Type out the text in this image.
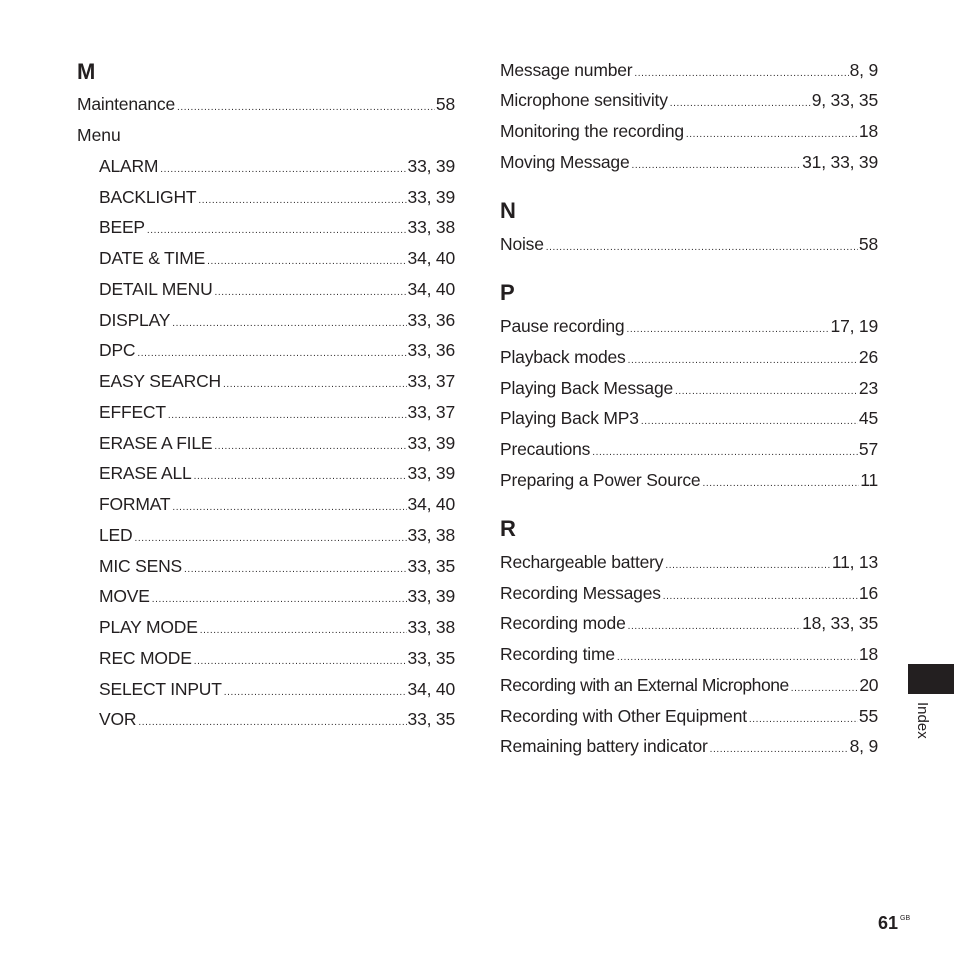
M
Maintenance .....	58
Menu
ALARM .....	33, 39
BACKLIGHT .....	33, 39
BEEP .....	33, 38
DATE & TIME .....	34, 40
DETAIL MENU .....	34, 40
DISPLAY .....	33, 36
DPC .....	33, 36
EASY SEARCH .....	33, 37
EFFECT .....	33, 37
ERASE A FILE .....	33, 39
ERASE ALL .....	33, 39
FORMAT .....	34, 40
LED .....	33, 38
MIC SENS .....	33, 35
MOVE .....	33, 39
PLAY MODE .....	33, 38
REC MODE .....	33, 35
SELECT INPUT .....	34, 40
VOR .....	33, 35
Message number .....	8, 9
Microphone sensitivity .....	9, 33, 35
Monitoring the recording .....	18
Moving Message .....	31, 33, 39
N
Noise .....	58
P
Pause recording .....	17, 19
Playback modes .....	26
Playing Back Message .....	23
Playing Back MP3 .....	45
Precautions .....	57
Preparing a Power Source .....	11
R
Rechargeable battery .....	11, 13
Recording Messages .....	16
Recording mode .....	18, 33, 35
Recording time .....	18
Recording with an External Microphone .....	20
Recording with Other Equipment .....	55
Remaining battery indicator .....	8, 9
Index
61 $^{GB}$
